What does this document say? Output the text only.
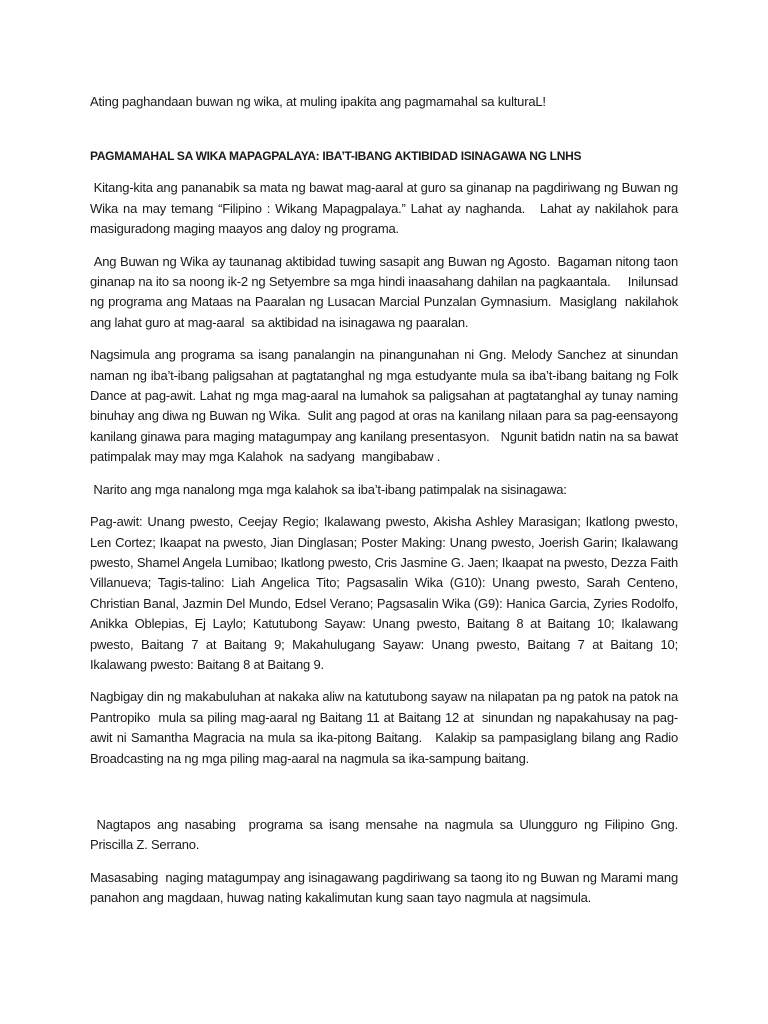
Ating paghandaan buwan ng wika, at muling ipakita ang pagmamahal sa kulturaL!

PAGMAMAHAL SA WIKA MAPAGPALAYA: IBA’T-IBANG AKTIBIDAD ISINAGAWA NG LNHS

Kitang-kita ang pananabik sa mata ng bawat mag-aaral at guro sa ginanap na pagdiriwang ng Buwan ng Wika na may temang “Filipino : Wikang Mapagpalaya.” Lahat ay naghanda.   Lahat ay nakilahok para masiguradong maging maayos ang daloy ng programa.

Ang Buwan ng Wika ay taunanag aktibidad tuwing sasapit ang Buwan ng Agosto.  Bagaman nitong taon ginanap na ito sa noong ik-2 ng Setyembre sa mga hindi inaasahang dahilan na pagkaantala.     Inilunsad ng programa ang Mataas na Paaralan ng Lusacan Marcial Punzalan Gymnasium.  Masiglang  nakilahok ang lahat guro at mag-aaral  sa aktibidad na isinagawa ng paaralan.

Nagsimula ang programa sa isang panalangin na pinangunahan ni Gng. Melody Sanchez at sinundan naman ng iba’t-ibang paligsahan at pagtatanghal ng mga estudyante mula sa iba’t-ibang baitang ng Folk Dance at pag-awit. Lahat ng mga mag-aaral na lumahok sa paligsahan at pagtatanghal ay tunay naming binuhay ang diwa ng Buwan ng Wika.  Sulit ang pagod at oras na kanilang nilaan para sa pag-eensayong kanilang ginawa para maging matagumpay ang kanilang presentasyon.   Ngunit batidn natin na sa bawat patimpalak may may mga Kalahok  na sadyang  mangibabaw .

Narito ang mga nanalong mga mga kalahok sa iba’t-ibang patimpalak na sisinagawa:

Pag-awit: Unang pwesto, Ceejay Regio; Ikalawang pwesto, Akisha Ashley Marasigan; Ikatlong pwesto, Len Cortez; Ikaapat na pwesto, Jian Dinglasan; Poster Making: Unang pwesto, Joerish Garin; Ikalawang pwesto, Shamel Angela Lumibao; Ikatlong pwesto, Cris Jasmine G. Jaen; Ikaapat na pwesto, Dezza Faith Villanueva; Tagis-talino: Liah Angelica Tito; Pagsasalin Wika (G10): Unang pwesto, Sarah Centeno, Christian Banal, Jazmin Del Mundo, Edsel Verano; Pagsasalin Wika (G9): Hanica Garcia, Zyries Rodolfo, Anikka Oblepias, Ej Laylo; Katutubong Sayaw: Unang pwesto, Baitang 8 at Baitang 10; Ikalawang pwesto, Baitang 7 at Baitang 9; Makahulugang Sayaw: Unang pwesto, Baitang 7 at Baitang 10; Ikalawang pwesto: Baitang 8 at Baitang 9.

Nagbigay din ng makabuluhan at nakaka aliw na katutubong sayaw na nilapatan pa ng patok na patok na Pantropiko  mula sa piling mag-aaral ng Baitang 11 at Baitang 12 at  sinundan ng napakahusay na pag-awit ni Samantha Magracia na mula sa ika-pitong Baitang.   Kalakip sa pampasiglang bilang ang Radio Broadcasting na ng mga piling mag-aaral na nagmula sa ika-sampung baitang.

Nagtapos ang nasabing  programa sa isang mensahe na nagmula sa Ulungguro ng Filipino Gng. Priscilla Z. Serrano.

Masasabing  naging matagumpay ang isinagawang pagdiriwang sa taong ito ng Buwan ng Marami mang panahon ang magdaan, huwag nating kakalimutan kung saan tayo nagmula at nagsimula.
